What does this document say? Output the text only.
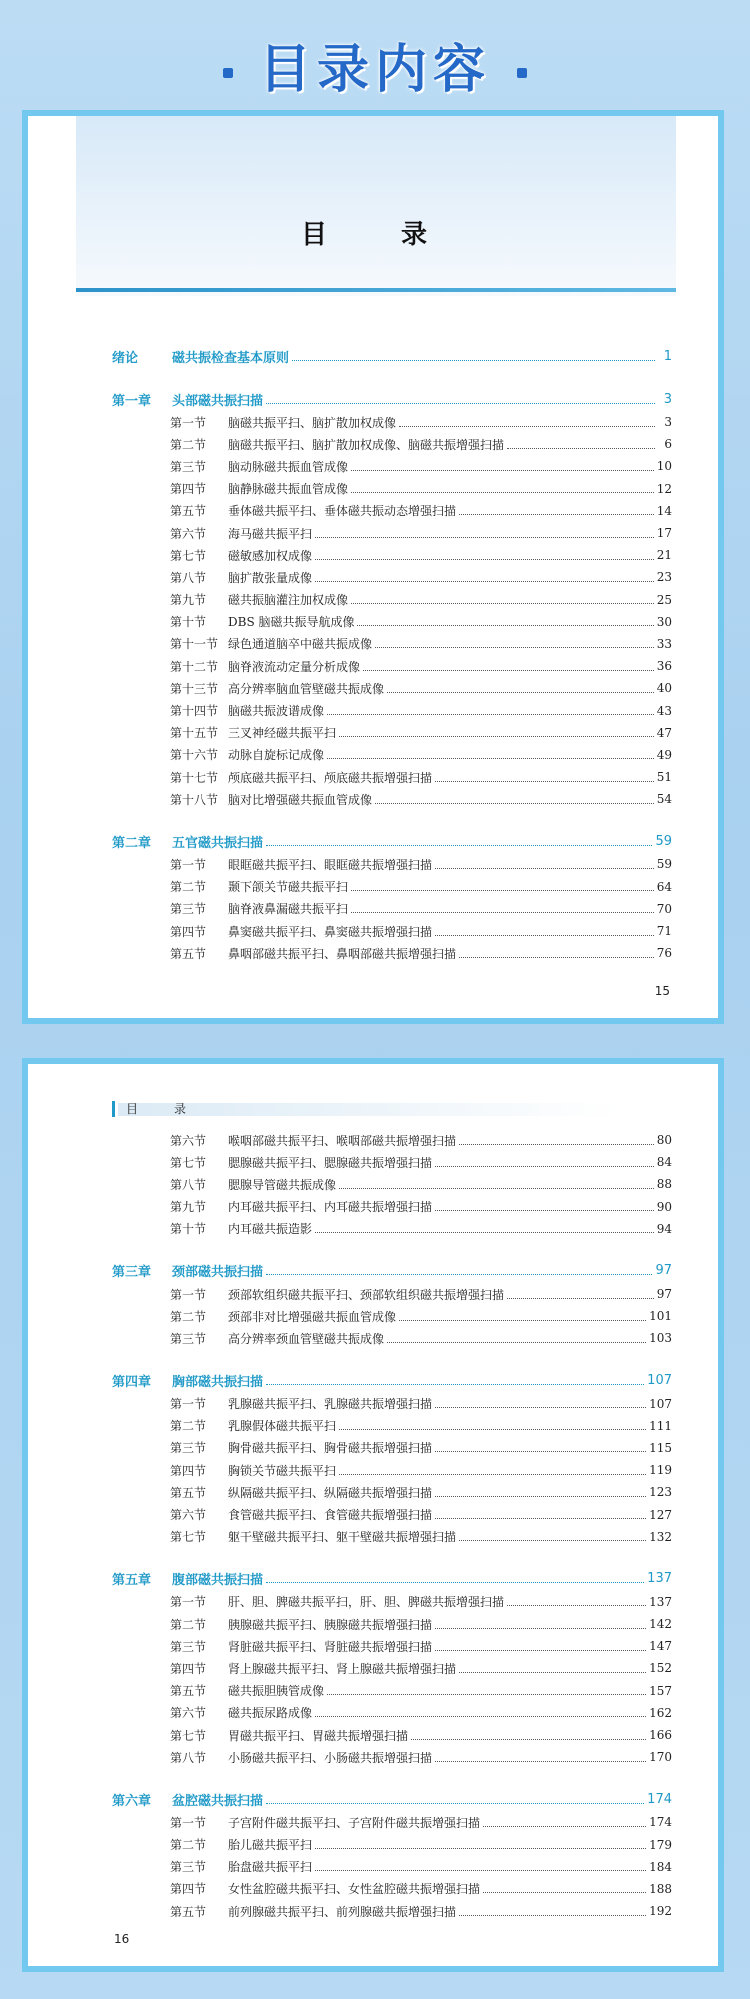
目录内容
目　录
绪论	磁共振检查基本原则	1
第一章	头部磁共振扫描	3
第一节	脑磁共振平扫、脑扩散加权成像	3
第二节	脑磁共振平扫、脑扩散加权成像、脑磁共振增强扫描	6
第三节	脑动脉磁共振血管成像	10
第四节	脑静脉磁共振血管成像	12
第五节	垂体磁共振平扫、垂体磁共振动态增强扫描	14
第六节	海马磁共振平扫	17
第七节	磁敏感加权成像	21
第八节	脑扩散张量成像	23
第九节	磁共振脑灌注加权成像	25
第十节	DBS 脑磁共振导航成像	30
第十一节 绿色通道脑卒中磁共振成像	33
第十二节 脑脊液流动定量分析成像	36
第十三节 高分辨率脑血管壁磁共振成像	40
第十四节 脑磁共振波谱成像	43
第十五节 三叉神经磁共振平扫	47
第十六节 动脉自旋标记成像	49
第十七节 颅底磁共振平扫、颅底磁共振增强扫描	51
第十八节 脑对比增强磁共振血管成像	54
第二章	五官磁共振扫描	59
第一节	眼眶磁共振平扫、眼眶磁共振增强扫描	59
第二节	颞下颌关节磁共振平扫	64
第三节	脑脊液鼻漏磁共振平扫	70
第四节	鼻窦磁共振平扫、鼻窦磁共振增强扫描	71
第五节	鼻咽部磁共振平扫、鼻咽部磁共振增强扫描	76
15
目　录
第六节	喉咽部磁共振平扫、喉咽部磁共振增强扫描	80
第七节	腮腺磁共振平扫、腮腺磁共振增强扫描	84
第八节	腮腺导管磁共振成像	88
第九节	内耳磁共振平扫、内耳磁共振增强扫描	90
第十节	内耳磁共振造影	94
第三章	颈部磁共振扫描	97
第一节	颈部软组织磁共振平扫、颈部软组织磁共振增强扫描	97
第二节	颈部非对比增强磁共振血管成像	101
第三节	高分辨率颈血管壁磁共振成像	103
第四章	胸部磁共振扫描	107
第一节	乳腺磁共振平扫、乳腺磁共振增强扫描	107
第二节	乳腺假体磁共振平扫	111
第三节	胸骨磁共振平扫、胸骨磁共振增强扫描	115
第四节	胸锁关节磁共振平扫	119
第五节	纵隔磁共振平扫、纵隔磁共振增强扫描	123
第六节	食管磁共振平扫、食管磁共振增强扫描	127
第七节	躯干壁磁共振平扫、躯干壁磁共振增强扫描	132
第五章	腹部磁共振扫描	137
第一节	肝、胆、脾磁共振平扫，肝、胆、脾磁共振增强扫描	137
第二节	胰腺磁共振平扫、胰腺磁共振增强扫描	142
第三节	肾脏磁共振平扫、肾脏磁共振增强扫描	147
第四节	肾上腺磁共振平扫、肾上腺磁共振增强扫描	152
第五节	磁共振胆胰管成像	157
第六节	磁共振尿路成像	162
第七节	胃磁共振平扫、胃磁共振增强扫描	166
第八节	小肠磁共振平扫、小肠磁共振增强扫描	170
第六章	盆腔磁共振扫描	174
第一节	子宫附件磁共振平扫、子宫附件磁共振增强扫描	174
第二节	胎儿磁共振平扫	179
第三节	胎盘磁共振平扫	184
第四节	女性盆腔磁共振平扫、女性盆腔磁共振增强扫描	188
第五节	前列腺磁共振平扫、前列腺磁共振增强扫描	192
16
